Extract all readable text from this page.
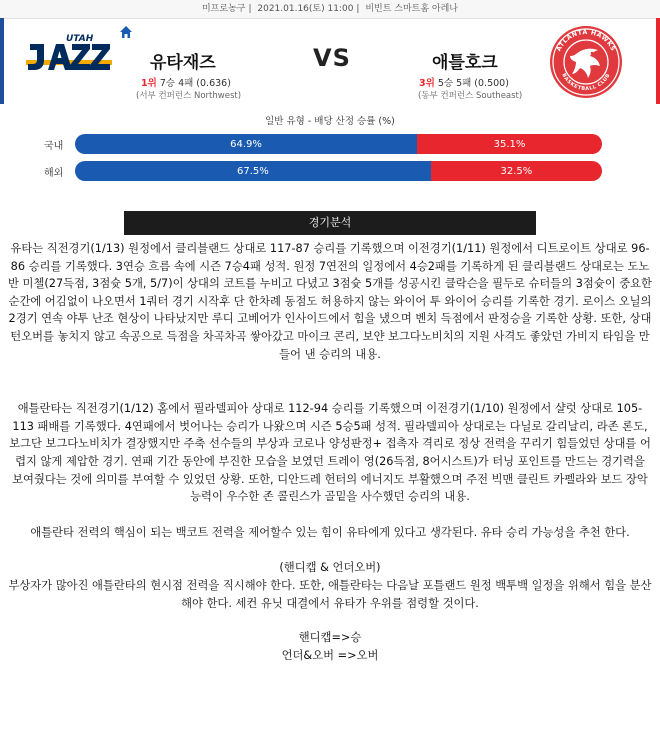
미프로농구 | 2021.01.16(토) 11:00 | 비빈트 스마트홈 아레나
UTAH
유타재즈	VS	애틀호크
1위 7승 4패 (0.636)
(서부 컨퍼런스 Northwest)
3위 5승 5패 (0.500)
(동부 컨퍼런스 Southeast)
ATLANTA HAWKS
BASKETBALL CLUB
일반 유형 - 배당 산정 승률 (%)
국내	64.9%	35.1%
해외	67.5%	32.5%
경기분석

유타는 직전경기(1/13) 원정에서 클리블랜드 상대로 117-87 승리를 기록했으며 이전경기(1/11) 원정에서 디트로이트 상대로 96-86 승리를 기록했다. 3연승 흐름 속에 시즌 7승4패 성적. 원정 7연전의 일정에서 4승2패를 기록하게 된 클리블랜드 상대로는 도노반 미첼(27득점, 3점슛 5개, 5/7)이 상대의 코트를 누비고 다녔고 3점슛 5개를 성공시킨 클락슨을 필두로 슈터들의 3점슛이 중요한 순간에 어김없이 나오면서 1쿼터 경기 시작후 단 한차례 동점도 허용하지 않는 와이어 투 와이어 승리를 기록한 경기. 로이스 오닐의 2경기 연속 야투 난조 현상이 나타났지만 루디 고베어가 인사이드에서 힘을 냈으며 벤치 득점에서 판정승을 기록한 상황. 또한, 상대 턴오버를 놓치지 않고 속공으로 득점을 차곡차곡 쌓아갔고 마이크 콘리, 보얀 보그다노비치의 지원 사격도 좋았던 가비지 타임을 만들어 낸 승리의 내용.

애틀란타는 직전경기(1/12) 홈에서 필라델피아 상대로 112-94 승리를 기록했으며 이전경기(1/10) 원정에서 샬럿 상대로 105-113 패배를 기록했다. 4연패에서 벗어나는 승리가 나왔으며 시즌 5승5패 성적. 필라델피아 상대로는 다닐로 갈리날리, 라존 론도, 보그단 보그다노비치가 결장했지만 주축 선수들의 부상과 코로나 양성판정+ 접촉자 격리로 정상 전력을 꾸리기 힘들었던 상대를 어렵지 않게 제압한 경기. 연패 기간 동안에 부진한 모습을 보였던 트레이 영(26득점, 8어시스트)가 터닝 포인트를 만드는 경기력을 보여줬다는 것에 의미를 부여할 수 있었던 상황. 또한, 디안드레 헌터의 에너지도 부활했으며 주전 빅맨 클린트 카펠라와 보드 장악 능력이 우수한 존 콜린스가 골밑을 사수했던 승리의 내용.

애틀란타 전력의 핵심이 되는 백코트 전력을 제어할수 있는 힘이 유타에게 있다고 생각된다. 유타 승리 가능성을 추천 한다.

(핸디캡 & 언더오버)

부상자가 많아진 애틀란타의 현시점 전력을 직시해야 한다. 또한, 애틀란타는 다음날 포틀랜드 원정 백투백 일정을 위해서 힘을 분산해야 한다. 세컨 유닛 대결에서 유타가 우위를 점령할 것이다.

핸디캡=>승

언더&오버 =>오버
